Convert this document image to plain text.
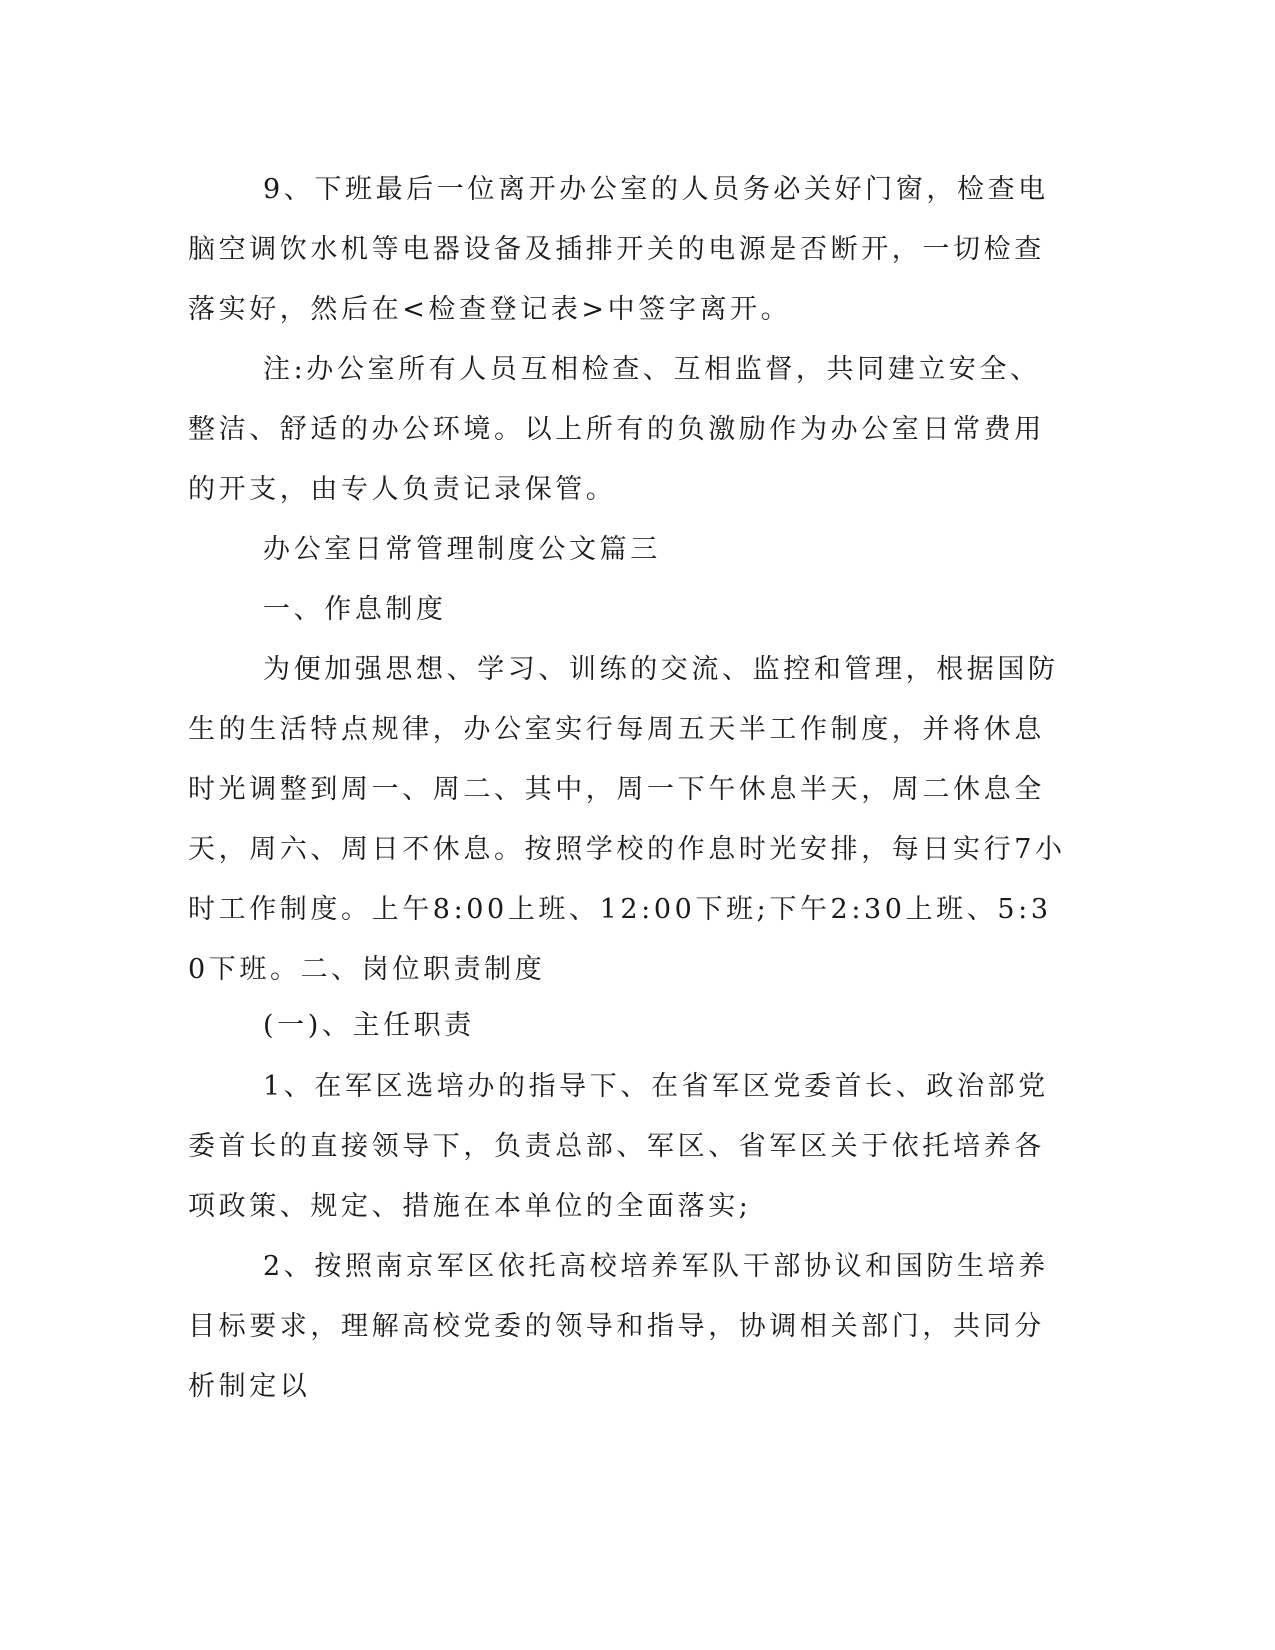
9、下班最后一位离开办公室的人员务必关好门窗，检查电脑空调饮水机等电器设备及插排开关的电源是否断开，一切检查落实好，然后在<检查登记表>中签字离开。

注:办公室所有人员互相检查、互相监督，共同建立安全、整洁、舒适的办公环境。以上所有的负激励作为办公室日常费用的开支，由专人负责记录保管。

办公室日常管理制度公文篇三

一、作息制度

为便加强思想、学习、训练的交流、监控和管理，根据国防生的生活特点规律，办公室实行每周五天半工作制度，并将休息时光调整到周一、周二、其中，周一下午休息半天，周二休息全天，周六、周日不休息。按照学校的作息时光安排，每日实行7小时工作制度。上午8:00上班、12:00下班;下午2:30上班、5:30下班。二、岗位职责制度

(一)、主任职责

1、在军区选培办的指导下、在省军区党委首长、政治部党委首长的直接领导下，负责总部、军区、省军区关于依托培养各项政策、规定、措施在本单位的全面落实;

2、按照南京军区依托高校培养军队干部协议和国防生培养目标要求，理解高校党委的领导和指导，协调相关部门，共同分析制定以
